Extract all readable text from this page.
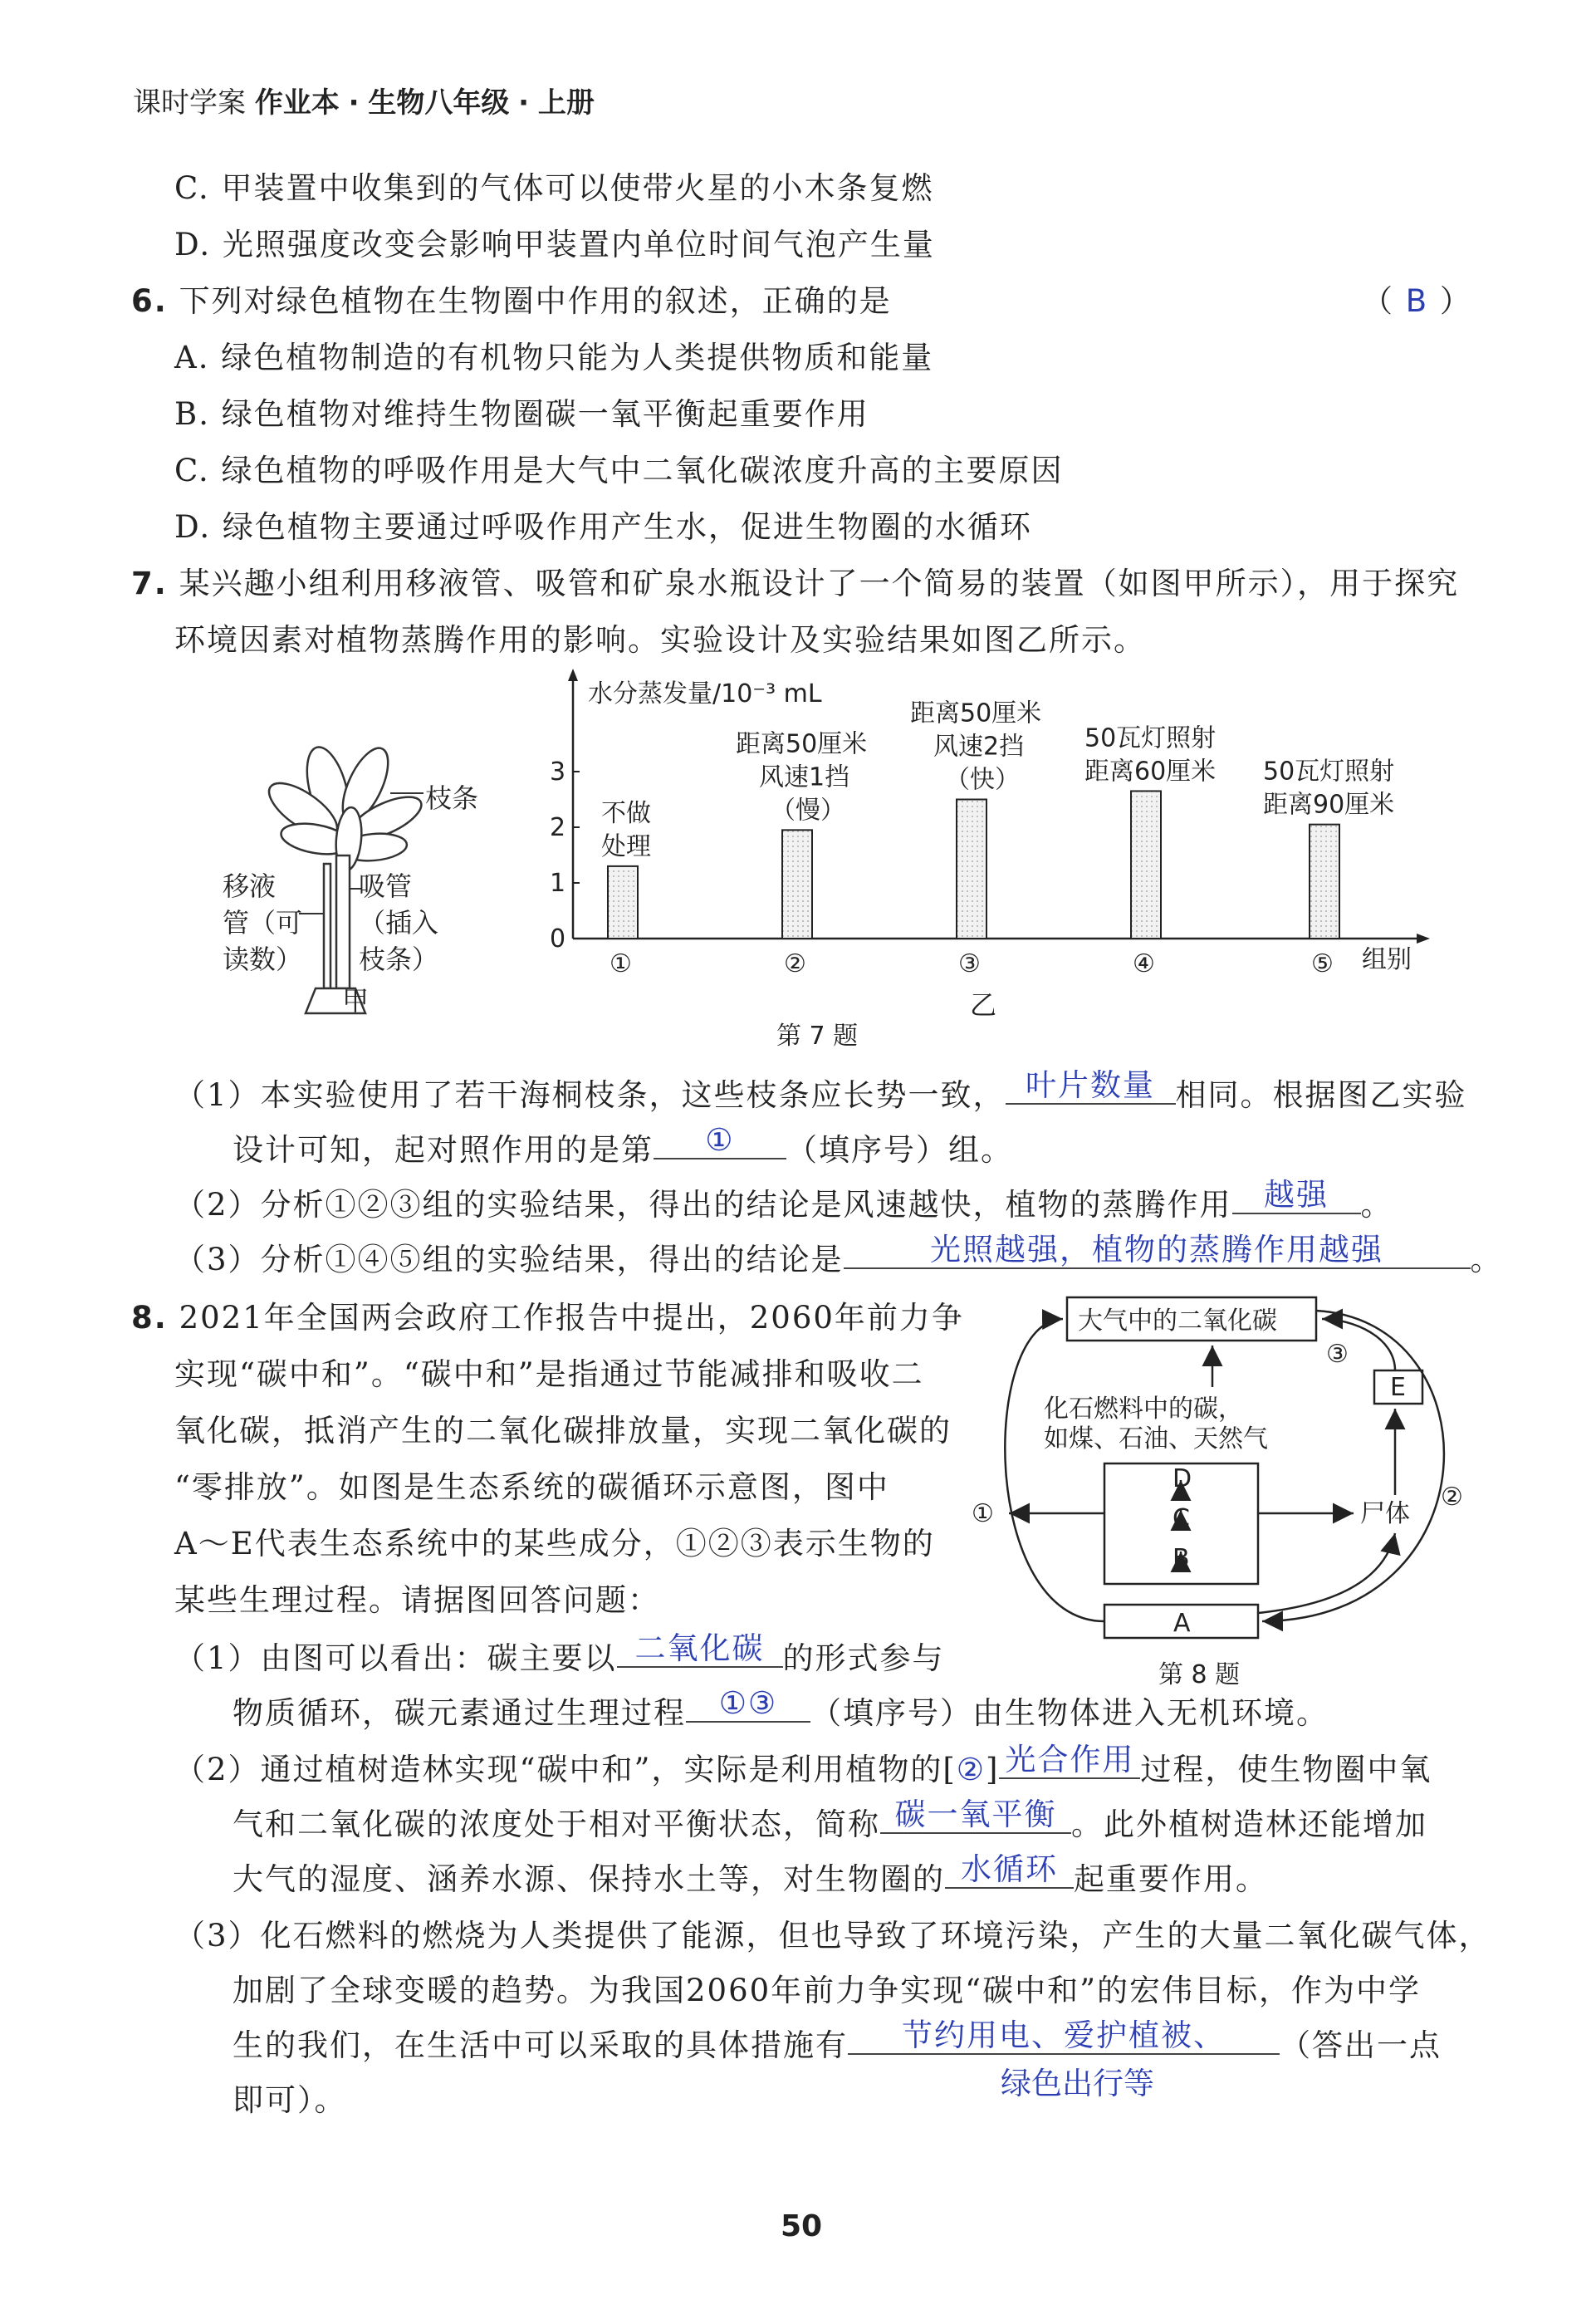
课时学案 作业本 · 生物八年级 · 上册
C. 甲装置中收集到的气体可以使带火星的小木条复燃
D. 光照强度改变会影响甲装置内单位时间气泡产生量
6. 下列对绿色植物在生物圈中作用的叙述，正确的是	（ B ）
A. 绿色植物制造的有机物只能为人类提供物质和能量
B. 绿色植物对维持生物圈碳一氧平衡起重要作用
C. 绿色植物的呼吸作用是大气中二氧化碳浓度升高的主要原因
D. 绿色植物主要通过呼吸作用产生水，促进生物圈的水循环
7. 某兴趣小组利用移液管、吸管和矿泉水瓶设计了一个简易的装置（如图甲所示），用于探究
环境因素对植物蒸腾作用的影响。实验设计及实验结果如图乙所示。
枝条
移液
管（可
读数）
吸管
（插入
枝条）
甲
水分蒸发量/10⁻³ mL
组别
0
1
2
3
①
不做
处理
②
距离50厘米
风速1挡
（慢）
③
距离50厘米
风速2挡
（快）
④
50瓦灯照射
距离60厘米
⑤
50瓦灯照射
距离90厘米
乙
第 7 题
（1）本实验使用了若干海桐枝条，这些枝条应长势一致， 叶片数量 相同。根据图乙实验
设计可知，起对照作用的是第 ① （填序号）组。
（2）分析①②③组的实验结果，得出的结论是风速越快，植物的蒸腾作用 越强 。
（3）分析①④⑤组的实验结果，得出的结论是	光照越强，植物的蒸腾作用越强	。
8. 2021年全国两会政府工作报告中提出，2060年前力争
实现“碳中和”。“碳中和”是指通过节能减排和吸收二
氧化碳，抵消产生的二氧化碳排放量，实现二氧化碳的
“零排放”。如图是生态系统的碳循环示意图，图中
A～E代表生态系统中的某些成分，①②③表示生物的
某些生理过程。请据图回答问题：
大气中的二氧化碳
化石燃料中的碳，
如煤、石油、天然气
E
A
D
C
B
尸体
①
②
③
第 8 题
（1）由图可以看出：碳主要以 二氧化碳 的形式参与
物质循环，碳元素通过生理过程 ①③ （填序号）由生物体进入无机环境。
（2）通过植树造林实现“碳中和”，实际是利用植物的[②] 光合作用 过程，使生物圈中氧
气和二氧化碳的浓度处于相对平衡状态，简称 碳一氧平衡 。此外植树造林还能增加
大气的湿度、涵养水源、保持水土等，对生物圈的 水循环 起重要作用。
（3）化石燃料的燃烧为人类提供了能源，但也导致了环境污染，产生的大量二氧化碳气体，
加剧了全球变暖的趋势。为我国2060年前力争实现“碳中和”的宏伟目标，作为中学
生的我们，在生活中可以采取的具体措施有 节约用电、爱护植被、 （答出一点
即可）。	绿色出行等
50
